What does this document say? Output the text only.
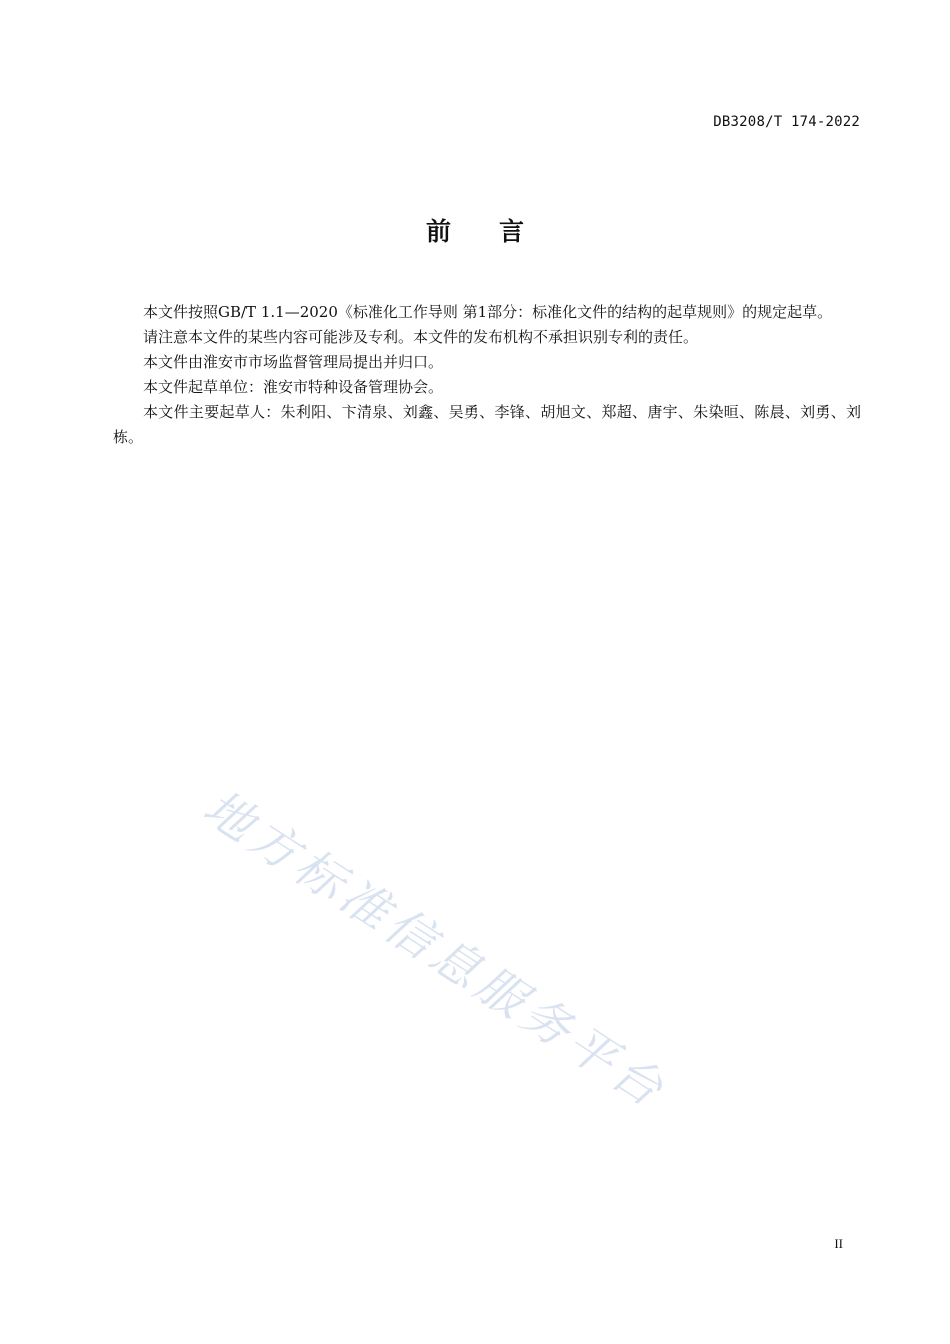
DB3208/T 174-2022
前 言

本文件按照GB/T 1.1—2020《标准化工作导则 第1部分：标准化文件的结构的起草规则》的规定起草。

请注意本文件的某些内容可能涉及专利。本文件的发布机构不承担识别专利的责任。

本文件由淮安市市场监督管理局提出并归口。

本文件起草单位：淮安市特种设备管理协会。

本文件主要起草人：朱利阳、卞清泉、刘鑫、吴勇、李锋、胡旭文、郑超、唐宇、朱染晅、陈晨、刘勇、刘栋。

地方标准信息服务平台
II
